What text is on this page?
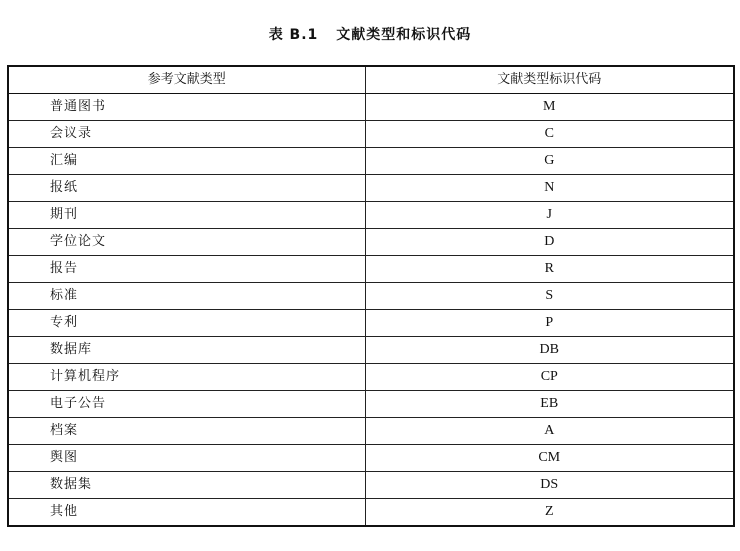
表 B.1 文献类型和标识代码
参考文献类型	文献类型标识代码
普通图书	M
会议录	C
汇编	G
报纸	N
期刊	J
学位论文	D
报告	R
标准	S
专利	P
数据库	DB
计算机程序	CP
电子公告	EB
档案	A
舆图	CM
数据集	DS
其他	Z
